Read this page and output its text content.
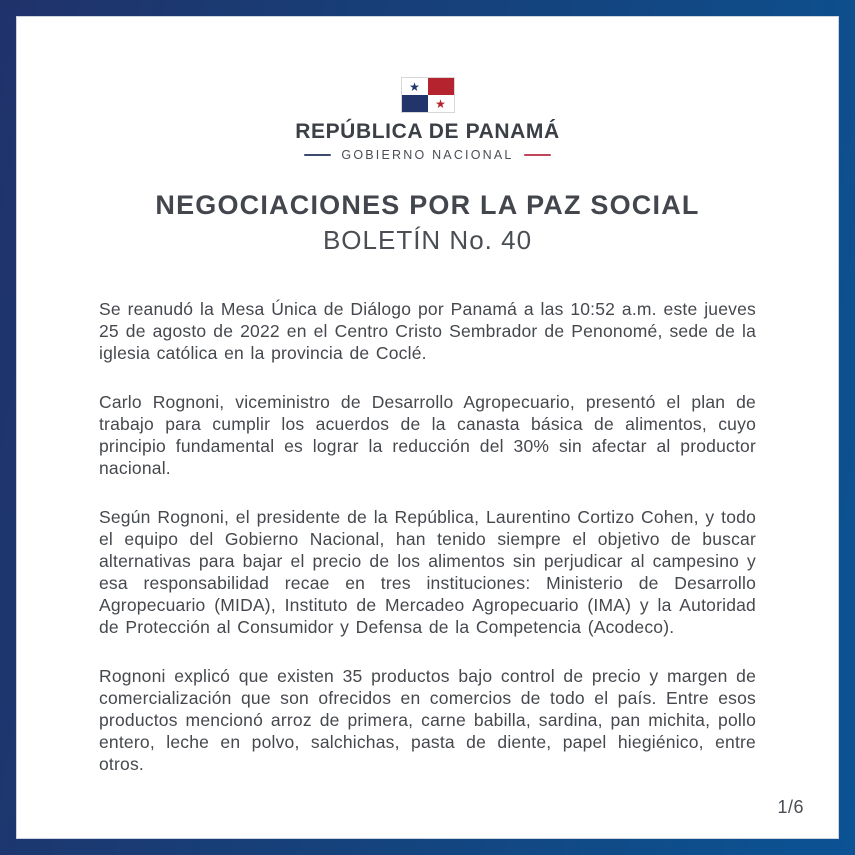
★
★
REPÚBLICA DE PANAMÁ
GOBIERNO NACIONAL
NEGOCIACIONES POR LA PAZ SOCIAL
BOLETÍN No. 40

Se reanudó la Mesa Única de Diálogo por Panamá a las 10:52 a.m. este jueves 25 de agosto de 2022 en el Centro Cristo Sembrador de Penonomé, sede de la iglesia católica en la provincia de Coclé.

Carlo Rognoni, viceministro de Desarrollo Agropecuario, presentó el plan de trabajo para cumplir los acuerdos de la canasta básica de alimentos, cuyo principio fundamental es lograr la reducción del 30% sin afectar al productor nacional.

Según Rognoni, el presidente de la República, Laurentino Cortizo Cohen, y todo el equipo del Gobierno Nacional, han tenido siempre el objetivo de buscar alternativas para bajar el precio de los alimentos sin perjudicar al campesino y esa responsabilidad recae en tres instituciones: Ministerio de Desarrollo Agropecuario (MIDA), Instituto de Mercadeo Agropecuario (IMA) y la Autoridad de Protección al Consumidor y Defensa de la Competencia (Acodeco).

Rognoni explicó que existen 35 productos bajo control de precio y margen de comercialización que son ofrecidos en comercios de todo el país. Entre esos productos mencionó arroz de primera, carne babilla, sardina, pan michita, pollo entero, leche en polvo, salchichas, pasta de diente, papel hiegiénico, entre otros.

1/6
